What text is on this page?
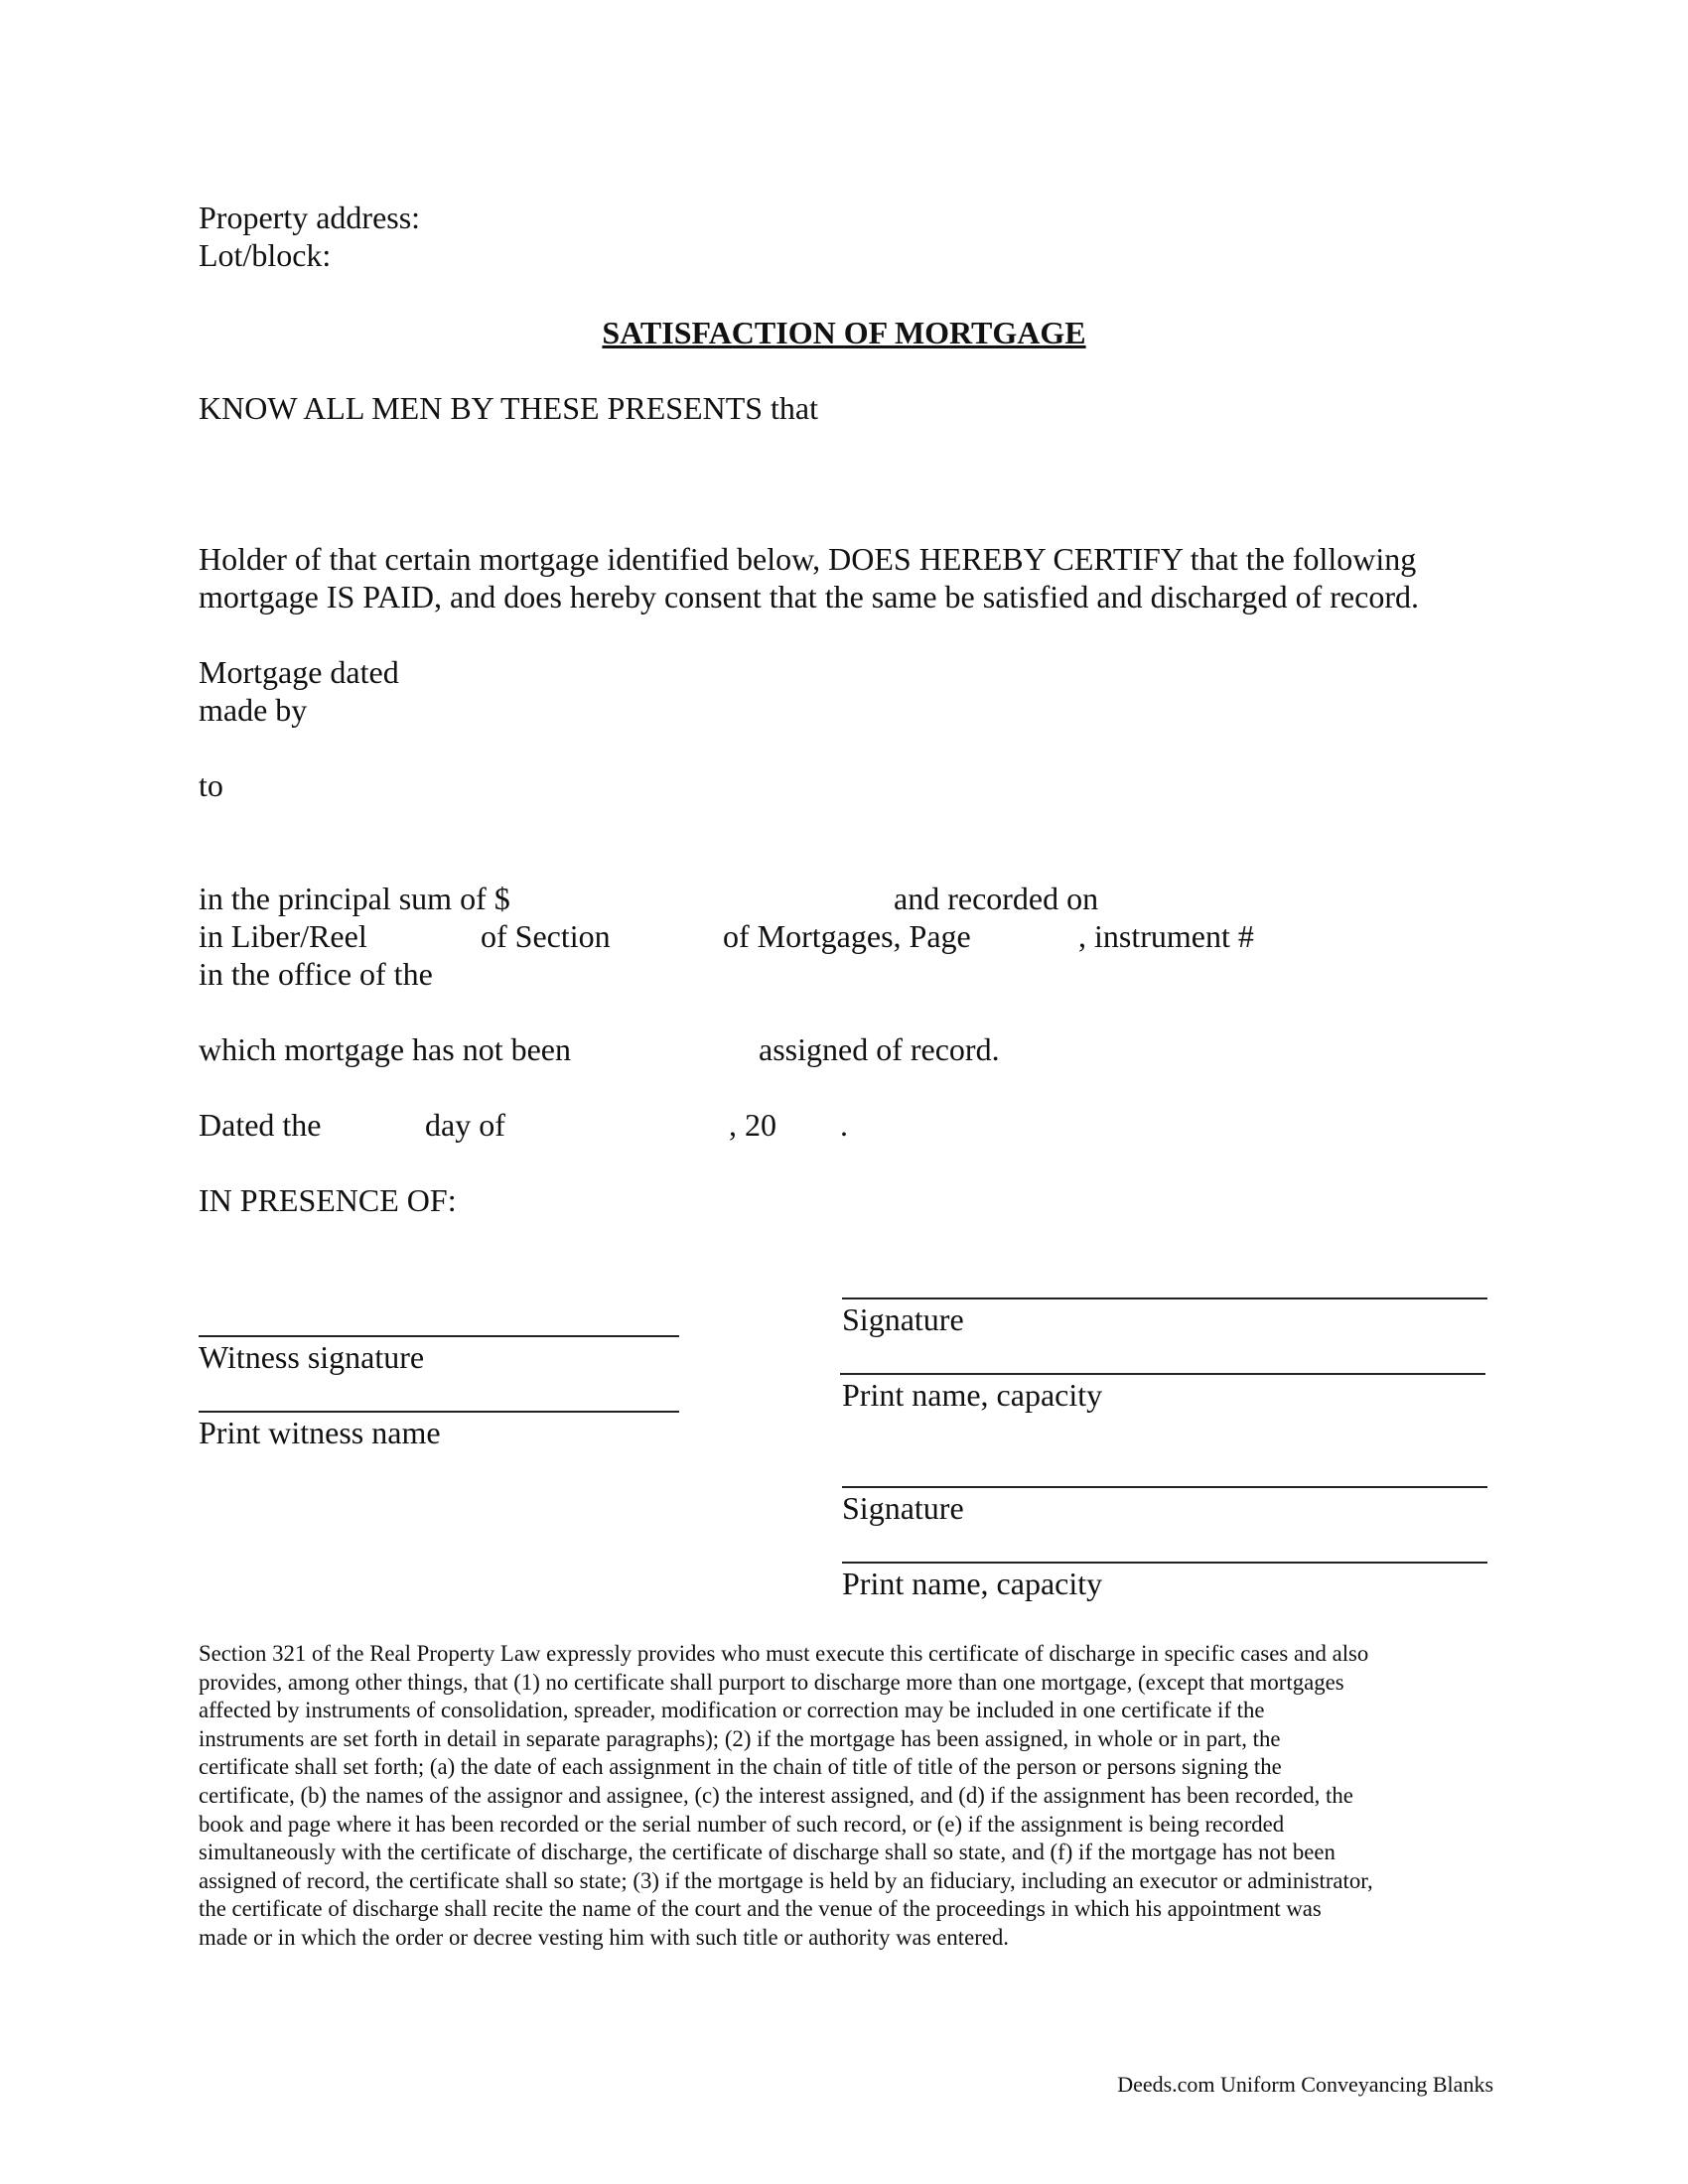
Property address:
Lot/block:
SATISFACTION OF MORTGAGE
KNOW ALL MEN BY THESE PRESENTS that
Holder of that certain mortgage identified below, DOES HEREBY CERTIFY that the following
mortgage IS PAID, and does hereby consent that the same be satisfied and discharged of record.
Mortgage dated
made by
to
in the principal sum of $	and recorded on
in Liber/Reel	of Section	of Mortgages, Page	, instrument #
in the office of the
which mortgage has not been	assigned of record.
Dated the	day of	, 20 .
IN PRESENCE OF:
Signature
Print name, capacity
Witness signature
Print witness name
Signature
Print name, capacity
Section 321 of the Real Property Law expressly provides who must execute this certificate of discharge in specific cases and also
provides, among other things, that (1) no certificate shall purport to discharge more than one mortgage, (except that mortgages
affected by instruments of consolidation, spreader, modification or correction may be included in one certificate if the
instruments are set forth in detail in separate paragraphs); (2) if the mortgage has been assigned, in whole or in part, the
certificate shall set forth; (a) the date of each assignment in the chain of title of title of the person or persons signing the
certificate, (b) the names of the assignor and assignee, (c) the interest assigned, and (d) if the assignment has been recorded, the
book and page where it has been recorded or the serial number of such record, or (e) if the assignment is being recorded
simultaneously with the certificate of discharge, the certificate of discharge shall so state, and (f) if the mortgage has not been
assigned of record, the certificate shall so state; (3) if the mortgage is held by an fiduciary, including an executor or administrator,
the certificate of discharge shall recite the name of the court and the venue of the proceedings in which his appointment was
made or in which the order or decree vesting him with such title or authority was entered.
Deeds.com Uniform Conveyancing Blanks
